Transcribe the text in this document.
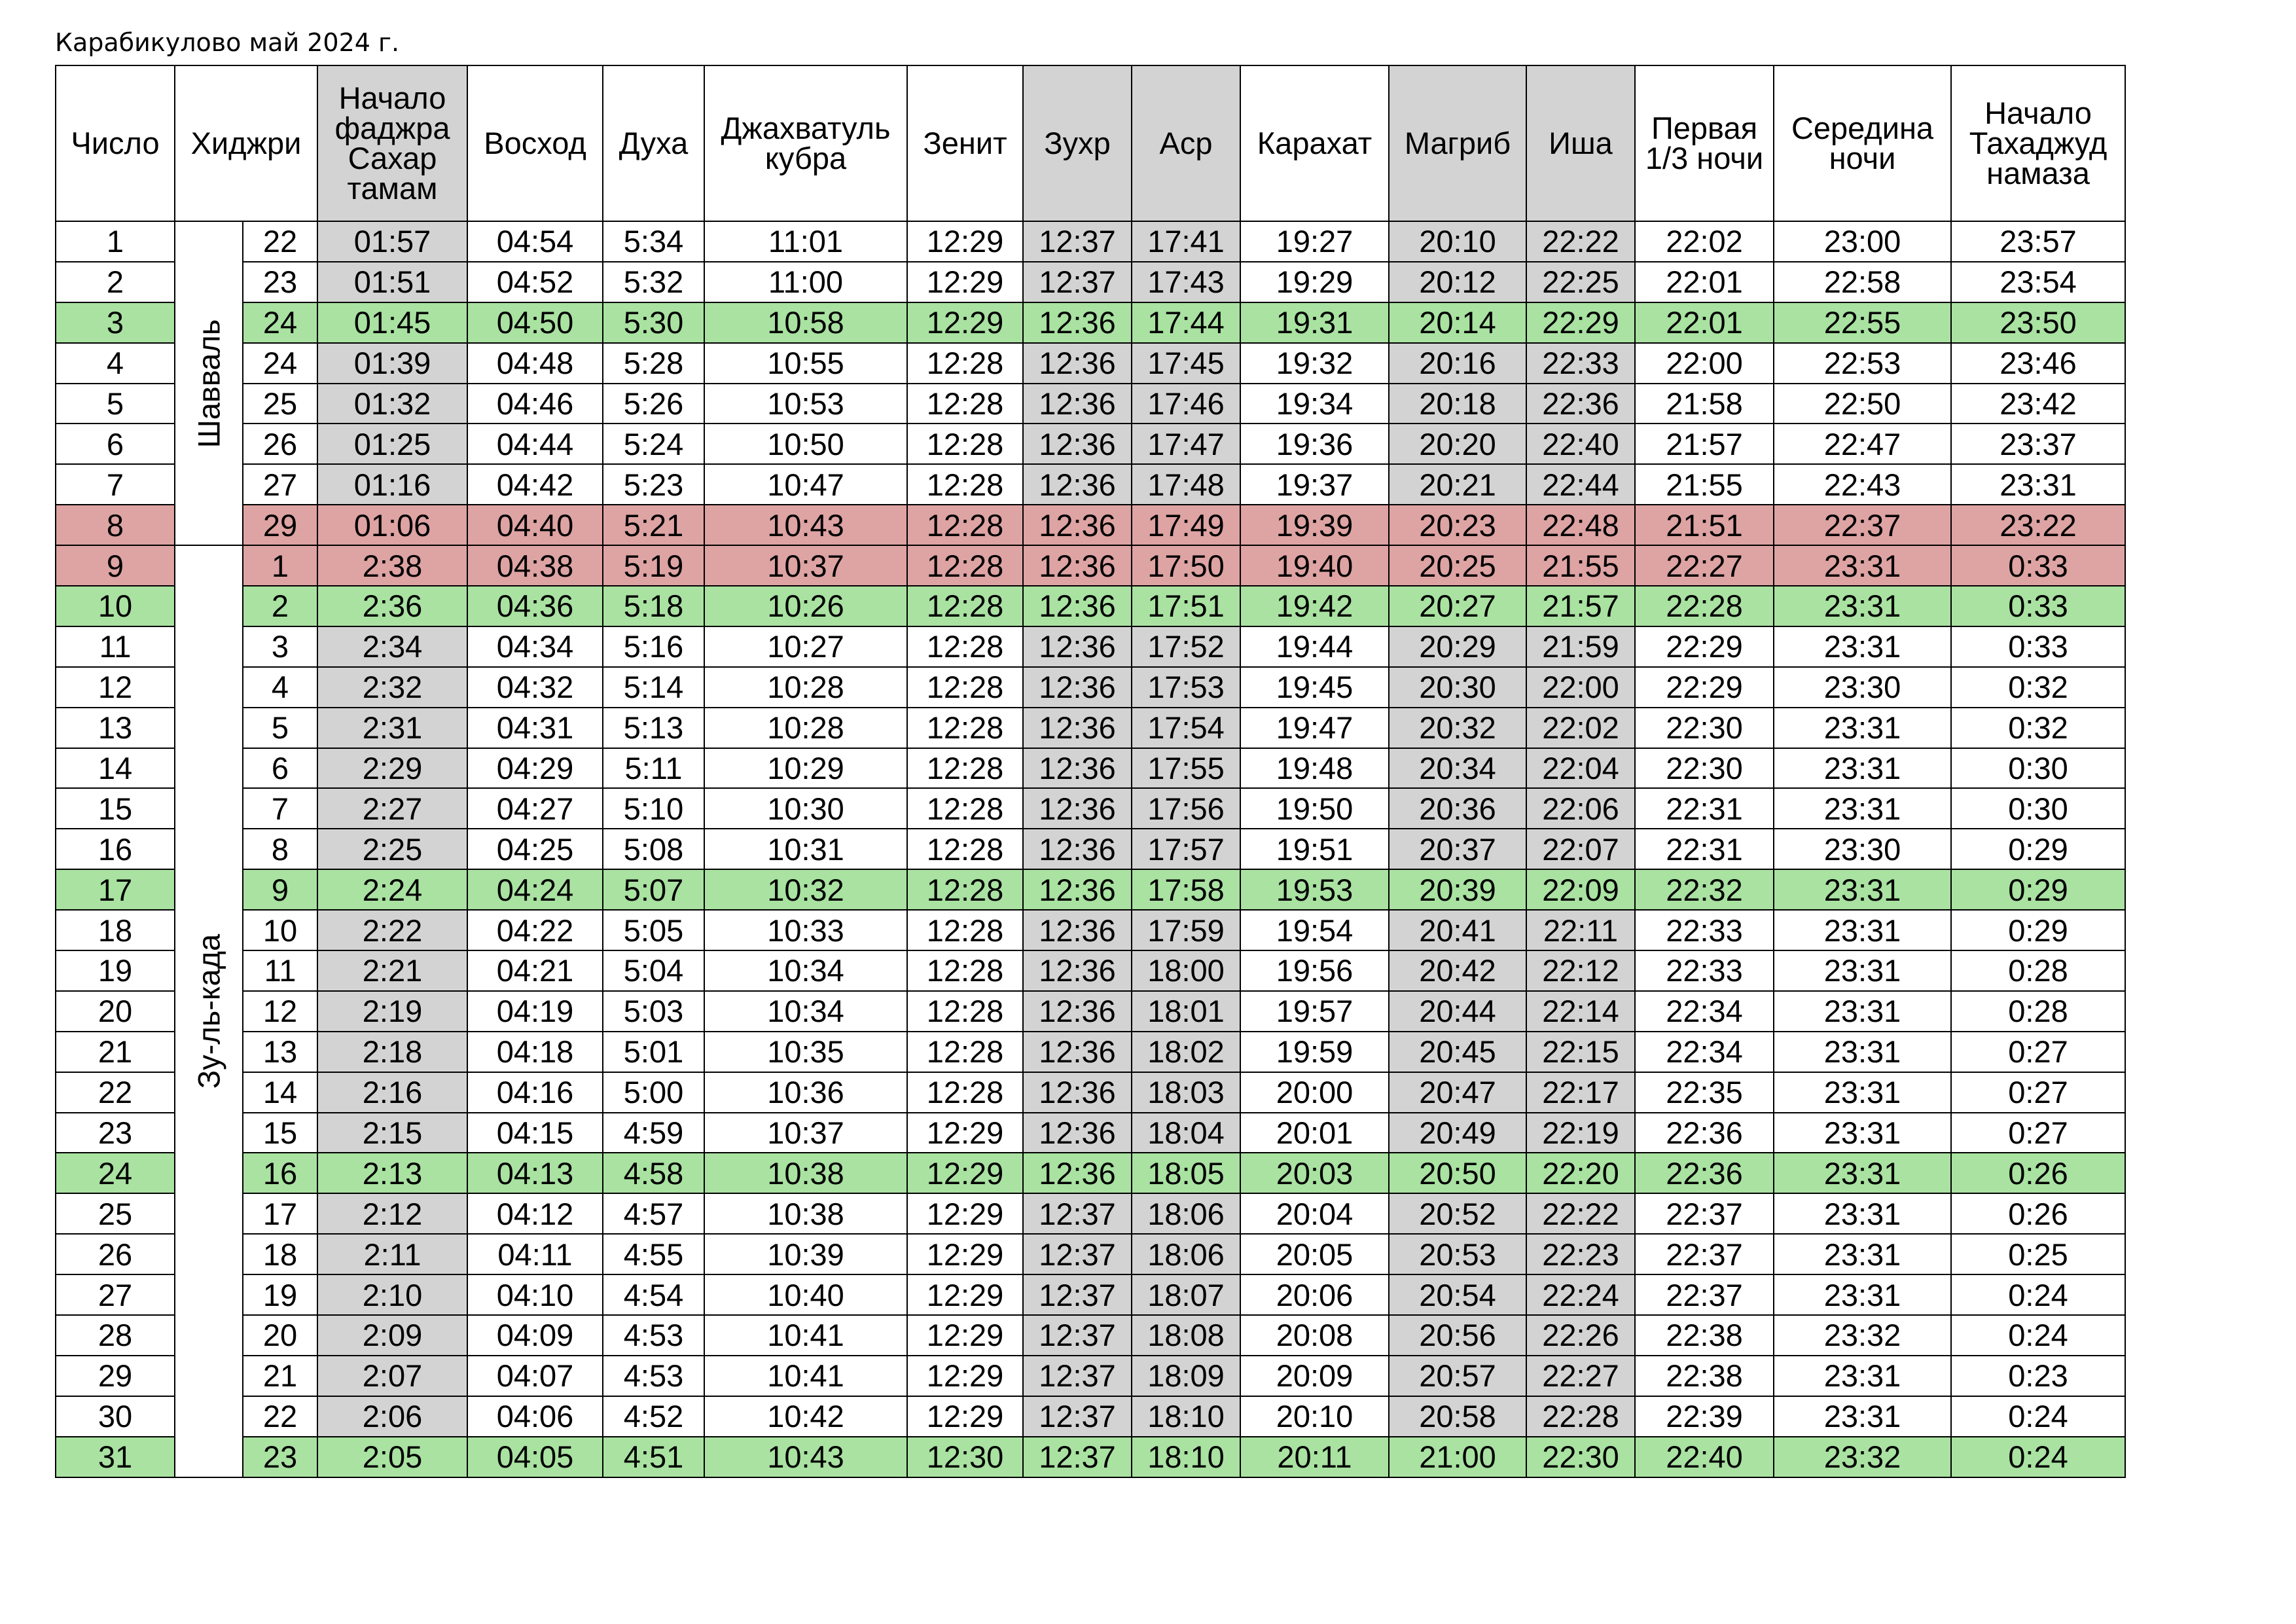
Карабикулово май 2024 г.
Число	Хиджри		Начало фаджра Сахар тамам	Восход	Духа	Джахватуль кубра	Зенит	Зухр	Аср	Карахат	Магриб	Иша	Первая 1/3 ночи	Середина ночи	Начало Тахаджуд намаза
1	Шавваль	22	01:57	04:54	5:34	11:01	12:29	12:37	17:41	19:27	20:10	22:22	22:02	23:00	23:57
2		23	01:51	04:52	5:32	11:00	12:29	12:37	17:43	19:29	20:12	22:25	22:01	22:58	23:54
3		24	01:45	04:50	5:30	10:58	12:29	12:36	17:44	19:31	20:14	22:29	22:01	22:55	23:50
4		24	01:39	04:48	5:28	10:55	12:28	12:36	17:45	19:32	20:16	22:33	22:00	22:53	23:46
5		25	01:32	04:46	5:26	10:53	12:28	12:36	17:46	19:34	20:18	22:36	21:58	22:50	23:42
6		26	01:25	04:44	5:24	10:50	12:28	12:36	17:47	19:36	20:20	22:40	21:57	22:47	23:37
7		27	01:16	04:42	5:23	10:47	12:28	12:36	17:48	19:37	20:21	22:44	21:55	22:43	23:31
8		29	01:06	04:40	5:21	10:43	12:28	12:36	17:49	19:39	20:23	22:48	21:51	22:37	23:22
9	Зу-ль-када	1	2:38	04:38	5:19	10:37	12:28	12:36	17:50	19:40	20:25	21:55	22:27	23:31	0:33
10		2	2:36	04:36	5:18	10:26	12:28	12:36	17:51	19:42	20:27	21:57	22:28	23:31	0:33
11		3	2:34	04:34	5:16	10:27	12:28	12:36	17:52	19:44	20:29	21:59	22:29	23:31	0:33
12		4	2:32	04:32	5:14	10:28	12:28	12:36	17:53	19:45	20:30	22:00	22:29	23:30	0:32
13		5	2:31	04:31	5:13	10:28	12:28	12:36	17:54	19:47	20:32	22:02	22:30	23:31	0:32
14		6	2:29	04:29	5:11	10:29	12:28	12:36	17:55	19:48	20:34	22:04	22:30	23:31	0:30
15		7	2:27	04:27	5:10	10:30	12:28	12:36	17:56	19:50	20:36	22:06	22:31	23:31	0:30
16		8	2:25	04:25	5:08	10:31	12:28	12:36	17:57	19:51	20:37	22:07	22:31	23:30	0:29
17		9	2:24	04:24	5:07	10:32	12:28	12:36	17:58	19:53	20:39	22:09	22:32	23:31	0:29
18		10	2:22	04:22	5:05	10:33	12:28	12:36	17:59	19:54	20:41	22:11	22:33	23:31	0:29
19		11	2:21	04:21	5:04	10:34	12:28	12:36	18:00	19:56	20:42	22:12	22:33	23:31	0:28
20		12	2:19	04:19	5:03	10:34	12:28	12:36	18:01	19:57	20:44	22:14	22:34	23:31	0:28
21		13	2:18	04:18	5:01	10:35	12:28	12:36	18:02	19:59	20:45	22:15	22:34	23:31	0:27
22		14	2:16	04:16	5:00	10:36	12:28	12:36	18:03	20:00	20:47	22:17	22:35	23:31	0:27
23		15	2:15	04:15	4:59	10:37	12:29	12:36	18:04	20:01	20:49	22:19	22:36	23:31	0:27
24		16	2:13	04:13	4:58	10:38	12:29	12:36	18:05	20:03	20:50	22:20	22:36	23:31	0:26
25		17	2:12	04:12	4:57	10:38	12:29	12:37	18:06	20:04	20:52	22:22	22:37	23:31	0:26
26		18	2:11	04:11	4:55	10:39	12:29	12:37	18:06	20:05	20:53	22:23	22:37	23:31	0:25
27		19	2:10	04:10	4:54	10:40	12:29	12:37	18:07	20:06	20:54	22:24	22:37	23:31	0:24
28		20	2:09	04:09	4:53	10:41	12:29	12:37	18:08	20:08	20:56	22:26	22:38	23:32	0:24
29		21	2:07	04:07	4:53	10:41	12:29	12:37	18:09	20:09	20:57	22:27	22:38	23:31	0:23
30		22	2:06	04:06	4:52	10:42	12:29	12:37	18:10	20:10	20:58	22:28	22:39	23:31	0:24
31		23	2:05	04:05	4:51	10:43	12:30	12:37	18:10	20:11	21:00	22:30	22:40	23:32	0:24
